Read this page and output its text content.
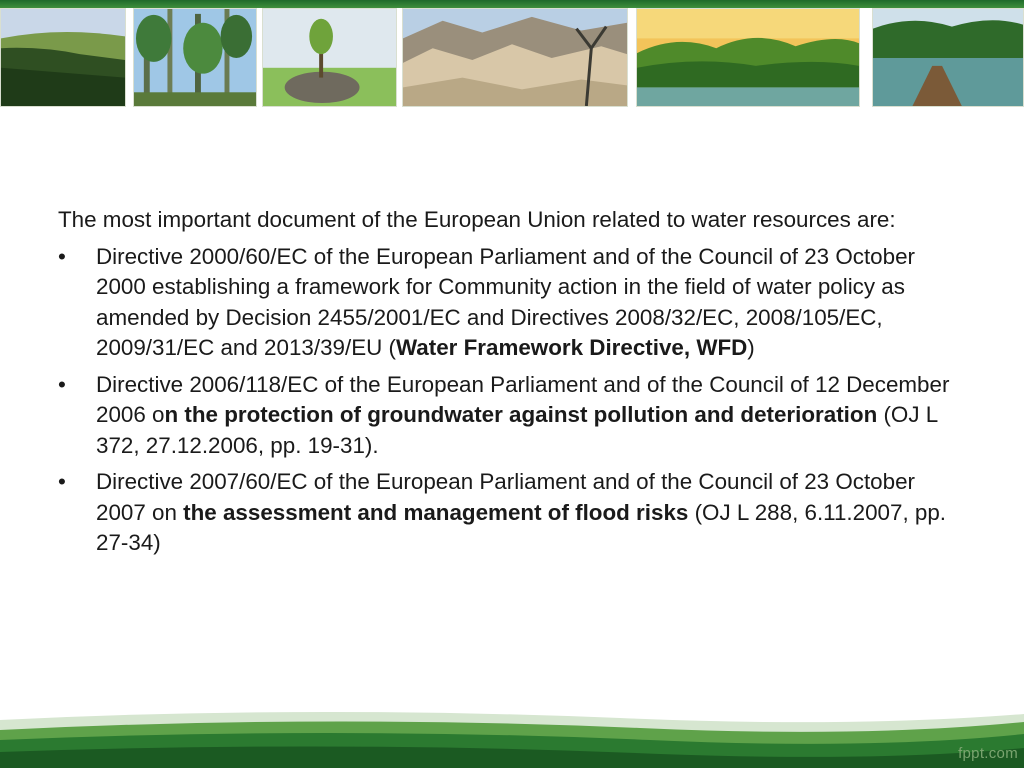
The most important document of the European Union related to water resources are:

• Directive 2000/60/EC of the European Parliament and of the Council of 23 October 2000 establishing a framework for Community action in the field of water policy as amended by Decision 2455/2001/EC and Directives 2008/32/EC, 2008/105/EC, 2009/31/EC and 2013/39/EU (Water Framework Directive, WFD)
• Directive 2006/118/EC of the European Parliament and of the Council of 12 December 2006 on the protection of groundwater against pollution and deterioration (OJ L 372, 27.12.2006, pp. 19-31).
• Directive 2007/60/EC of the European Parliament and of the Council of 23 October 2007 on the assessment and management of flood risks (OJ L 288, 6.11.2007, pp. 27-34)
fppt.com
